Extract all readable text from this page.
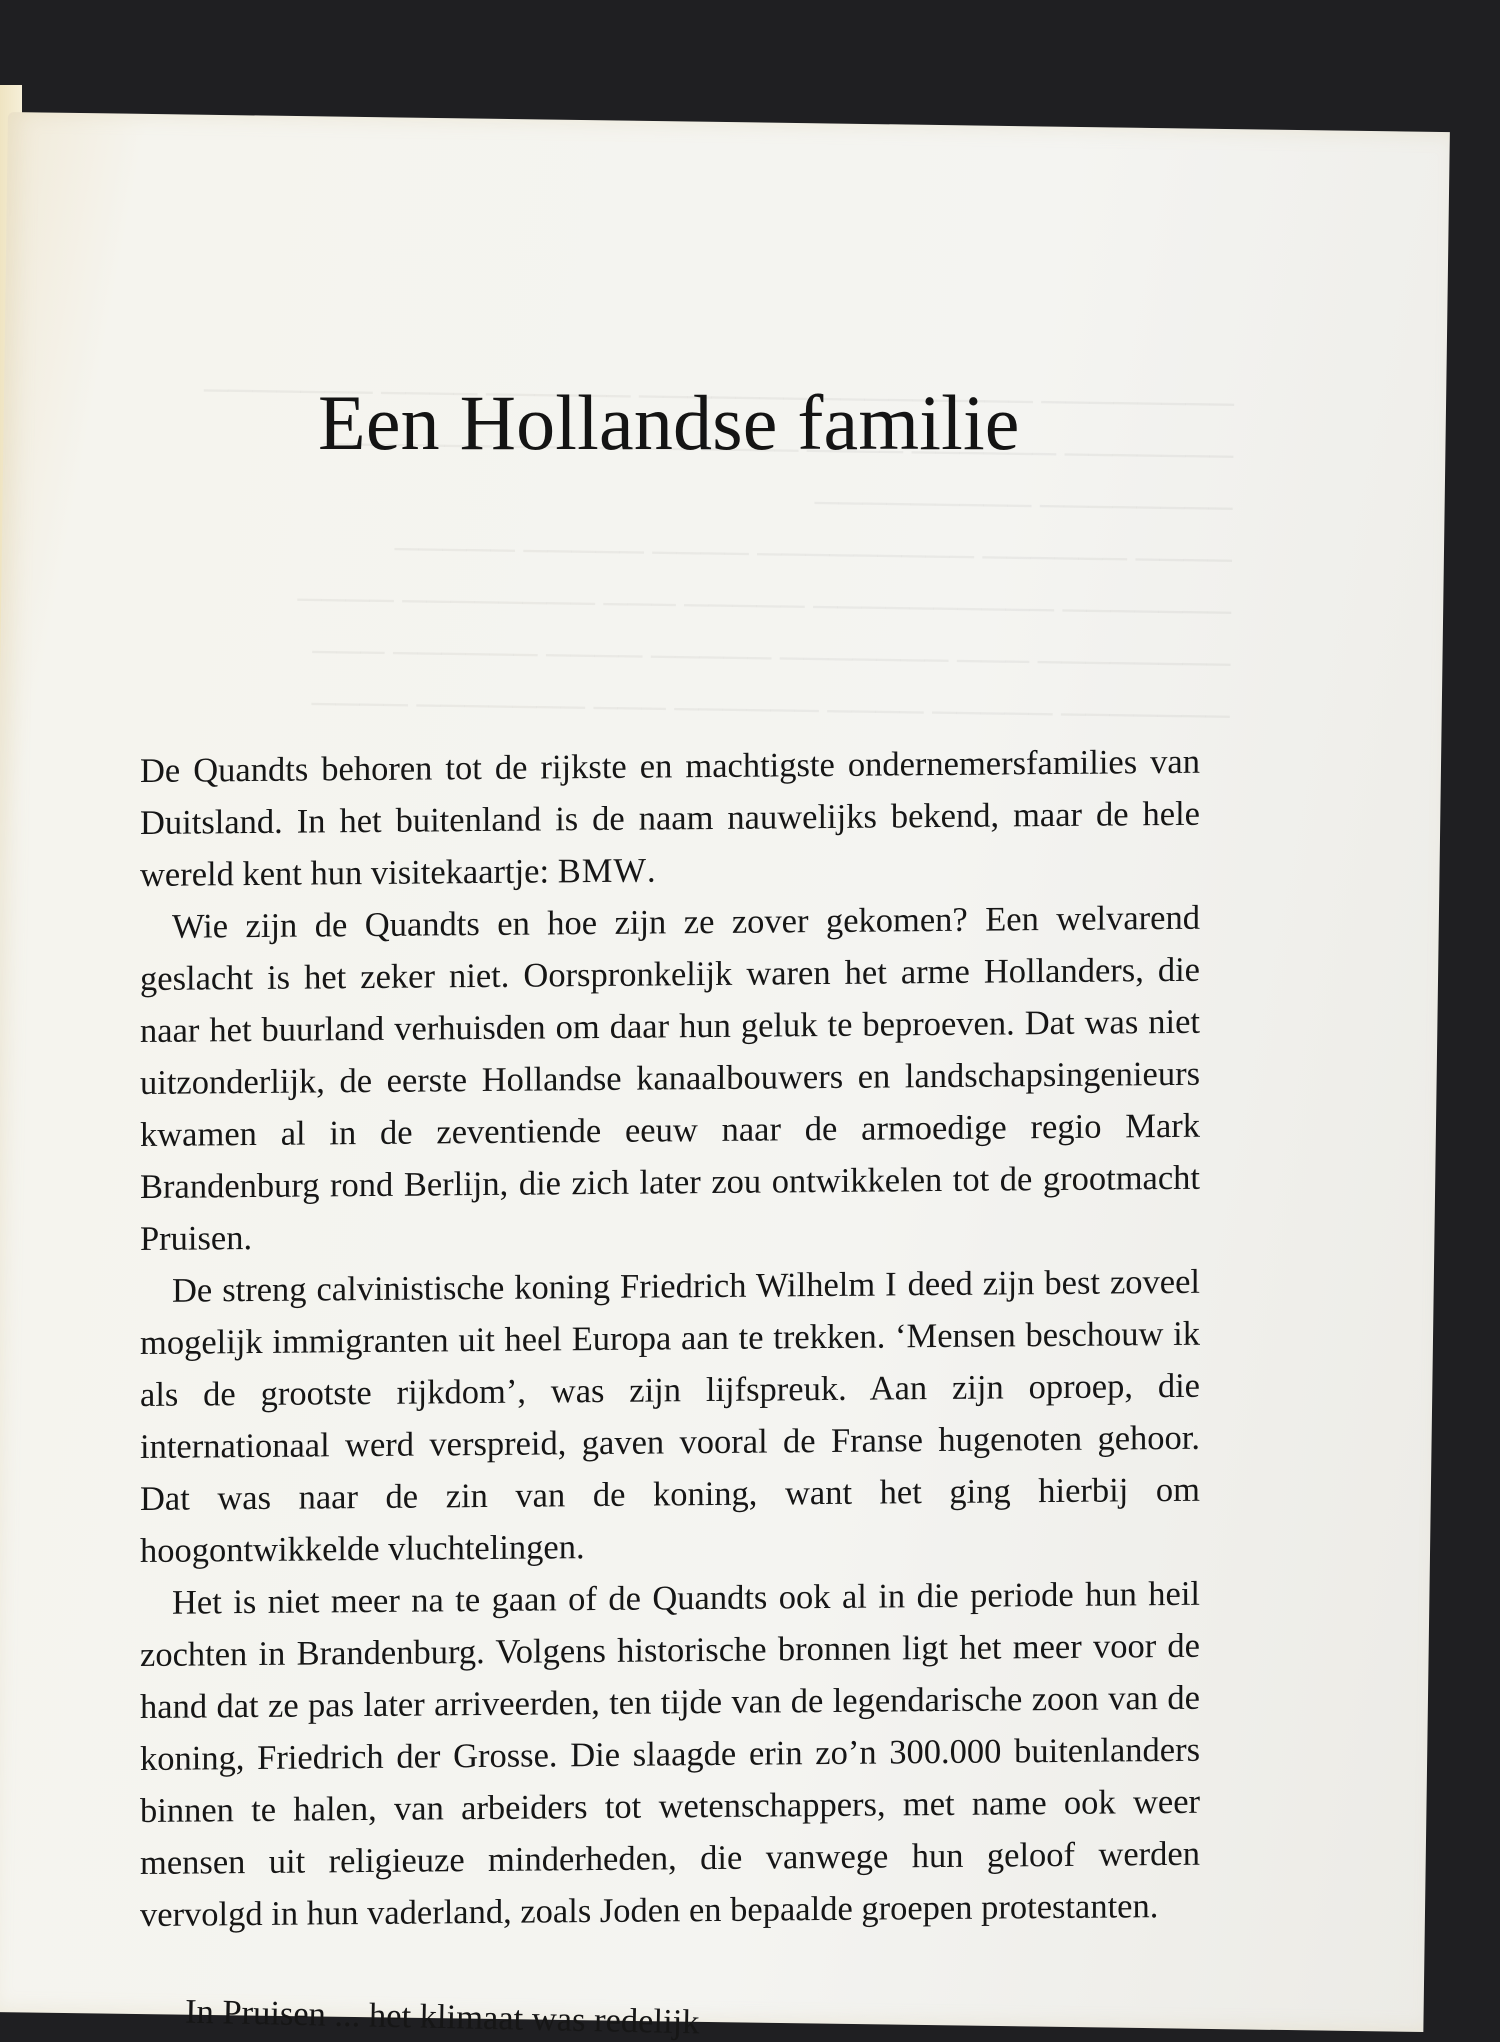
Een Hollandse familie

De Quandts behoren tot de rijkste en machtigste ondernemersfamilies van Duitsland. In het buitenland is de naam nauwelijks bekend, maar de hele wereld kent hun visitekaartje: BMW.

Wie zijn de Quandts en hoe zijn ze zover gekomen? Een welvarend geslacht is het zeker niet. Oorspronkelijk waren het arme Hollanders, die naar het buurland verhuisden om daar hun geluk te beproeven. Dat was niet uitzonderlijk, de eerste Hollandse kanaalbouwers en landschapsingenieurs kwamen al in de zeventiende eeuw naar de armoedige regio Mark Brandenburg rond Berlijn, die zich later zou ontwikkelen tot de grootmacht Pruisen.

De streng calvinistische koning Friedrich Wilhelm I deed zijn best zoveel mogelijk immigranten uit heel Europa aan te trekken. ‘Mensen beschouw ik als de grootste rijkdom’, was zijn lijfspreuk. Aan zijn oproep, die internationaal werd verspreid, gaven vooral de Franse hugenoten gehoor. Dat was naar de zin van de koning, want het ging hierbij om hoogontwikkelde vluchtelingen.

Het is niet meer na te gaan of de Quandts ook al in die periode hun heil zochten in Brandenburg. Volgens historische bronnen ligt het meer voor de hand dat ze pas later arriveerden, ten tijde van de legendarische zoon van de koning, Friedrich der Grosse. Die slaagde erin zo’n 300.000 buitenlanders binnen te halen, van arbeiders tot wetenschappers, met name ook weer mensen uit religieuze minderheden, die vanwege hun geloof werden vervolgd in hun vaderland, zoals Joden en bepaalde groepen protestanten.

In Pruisen ... het klimaat was redelijk
